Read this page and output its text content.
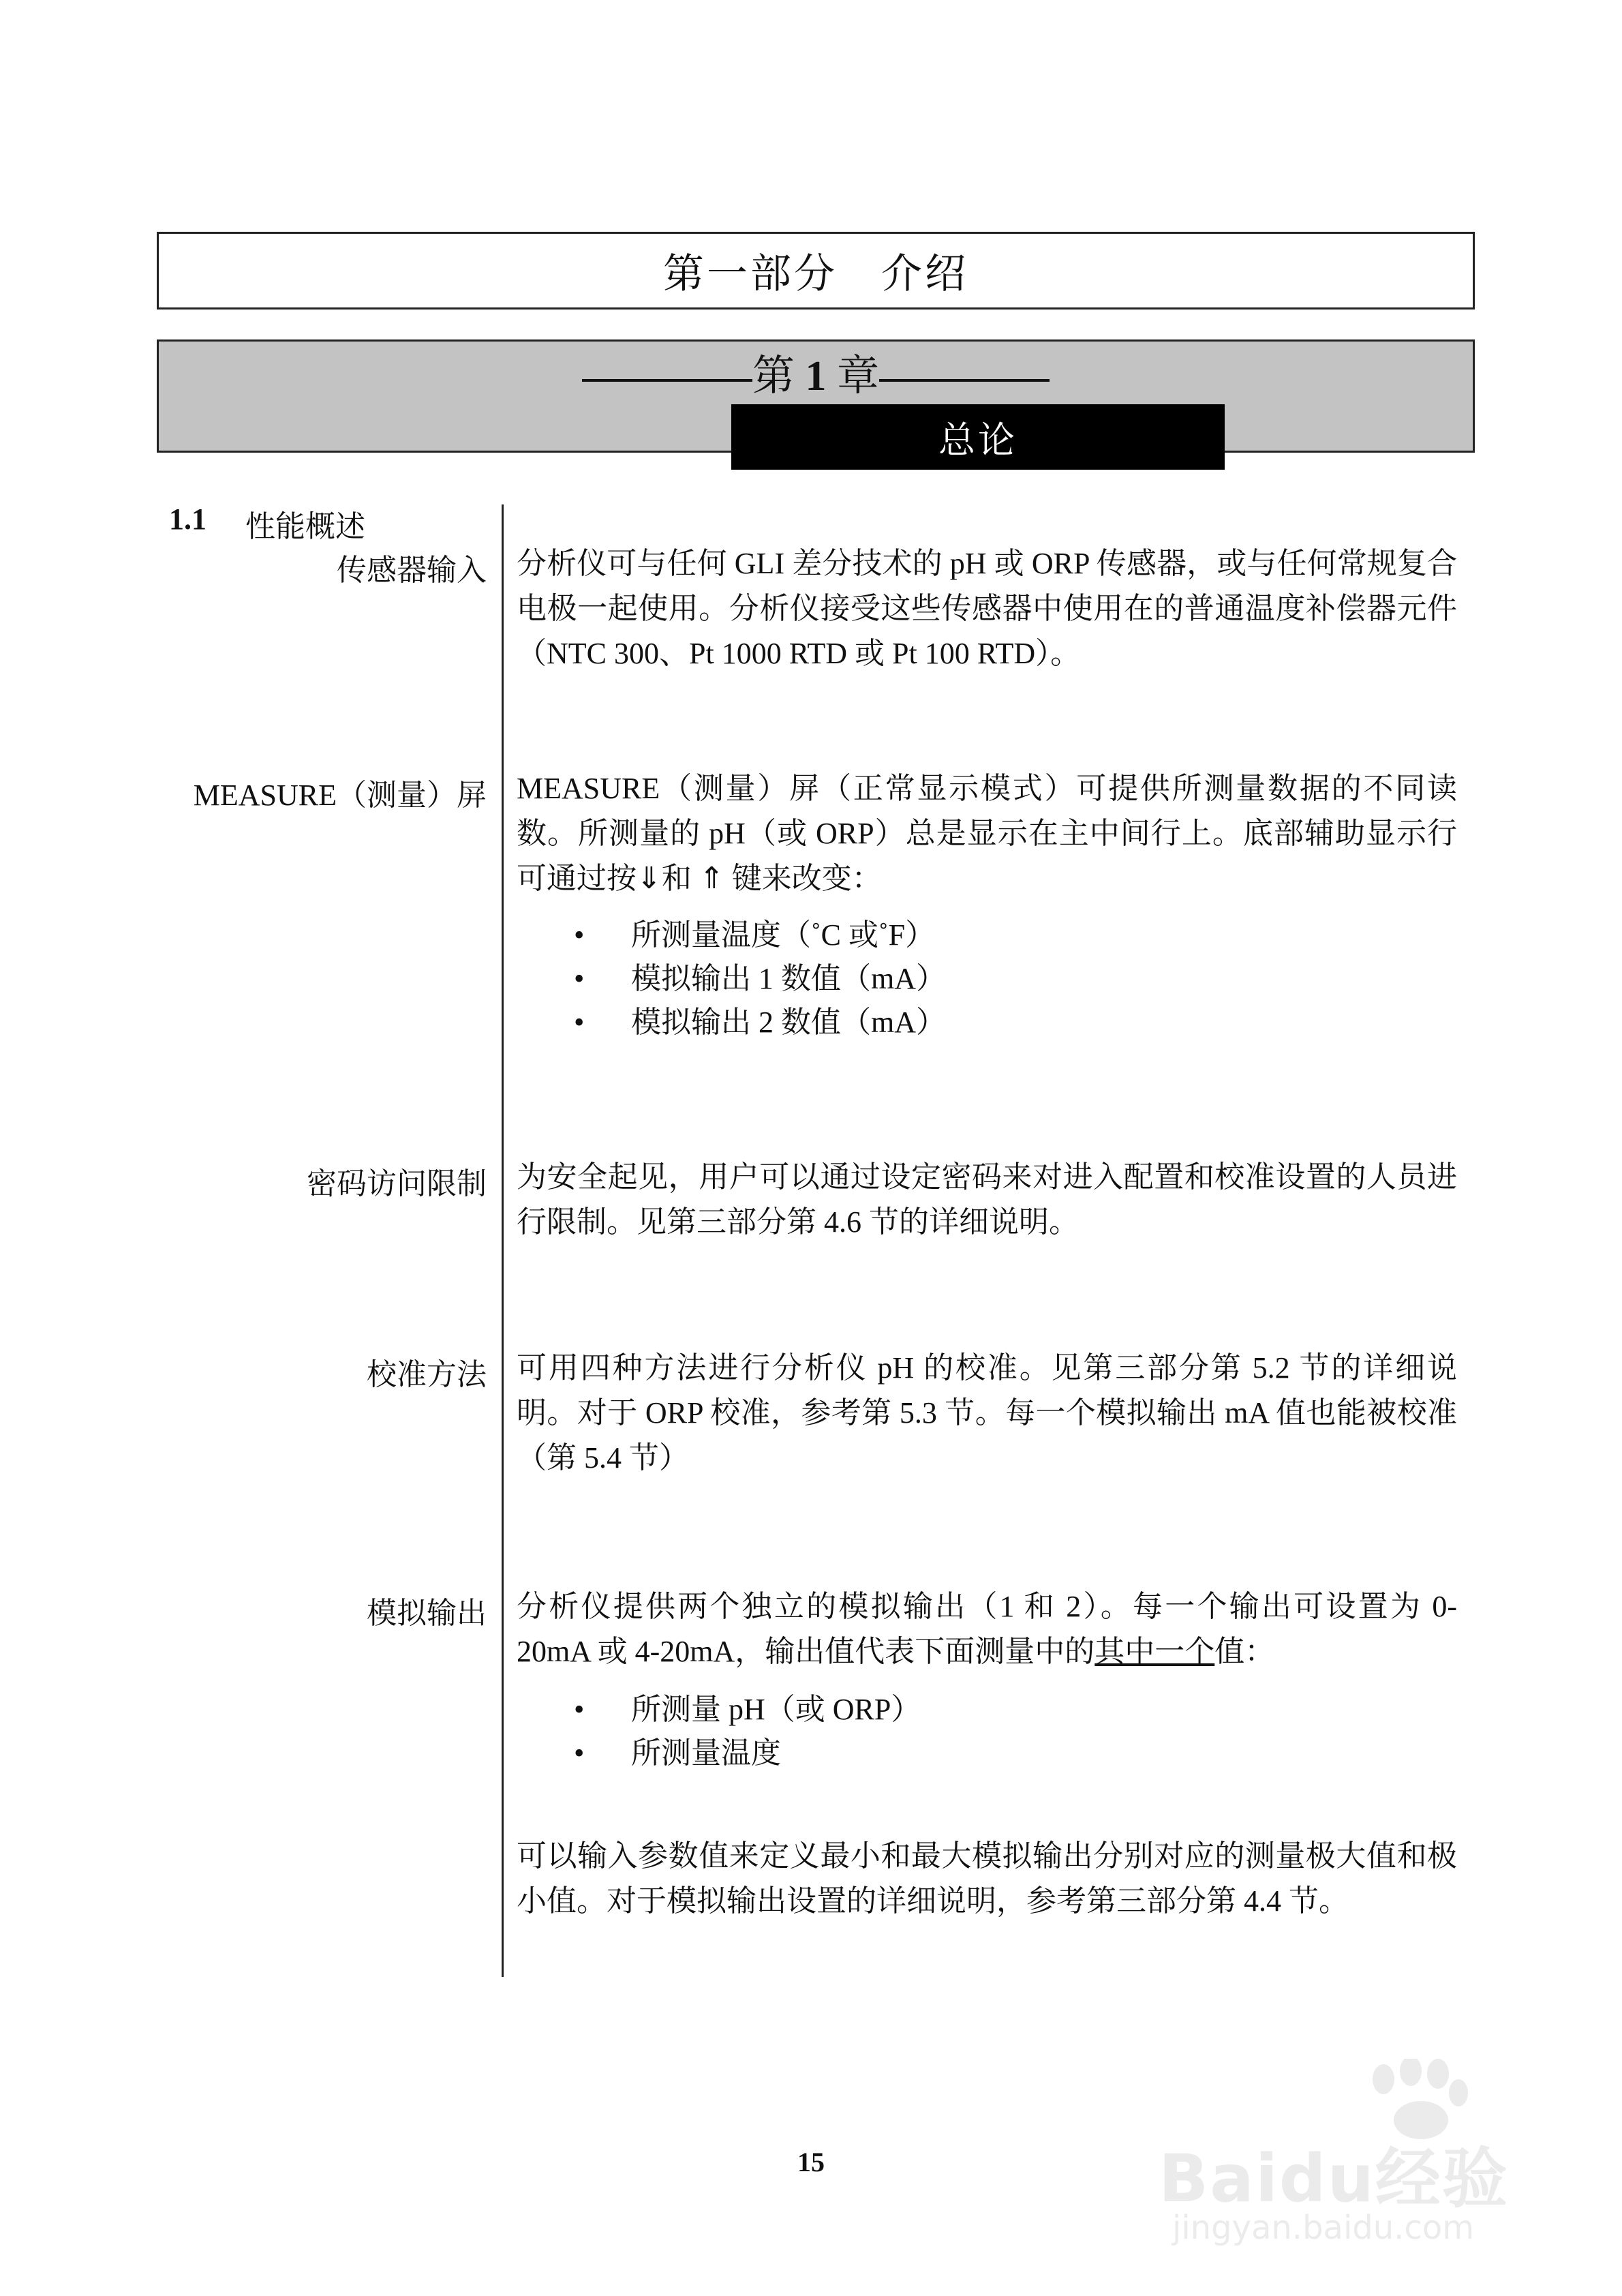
第一部分　介绍
第 1 章
总论
1.1 性能概述
传感器输入 分析仪可与任何 GLI 差分技术的 pH 或 ORP 传感器，或与任何常规复合电极一起使用。分析仪接受这些传感器中使用在的普通温度补偿器元件（NTC 300、Pt 1000 RTD 或 Pt 100 RTD）。

MEASURE（测量）屏 MEASURE（测量）屏（正常显示模式）可提供所测量数据的不同读数。所测量的 pH（或 ORP）总是显示在主中间行上。底部辅助显示行可通过按⇓和 ⇑ 键来改变：

• 所测量温度（˚C 或˚F）
• 模拟输出 1 数值（mA）
• 模拟输出 2 数值（mA）
密码访问限制 为安全起见，用户可以通过设定密码来对进入配置和校准设置的人员进行限制。见第三部分第 4.6 节的详细说明。

校准方法 可用四种方法进行分析仪 pH 的校准。见第三部分第 5.2 节的详细说明。对于 ORP 校准，参考第 5.3 节。每一个模拟输出 mA 值也能被校准（第 5.4 节）

模拟输出 分析仪提供两个独立的模拟输出（1 和 2）。每一个输出可设置为 0-20mA 或 4-20mA，输出值代表下面测量中的其中一个值：

• 所测量 pH（或 ORP）
• 所测量温度

可以输入参数值来定义最小和最大模拟输出分别对应的测量极大值和极小值。对于模拟输出设置的详细说明，参考第三部分第 4.4 节。

15	Baidu经验
jingyan.baidu.com
